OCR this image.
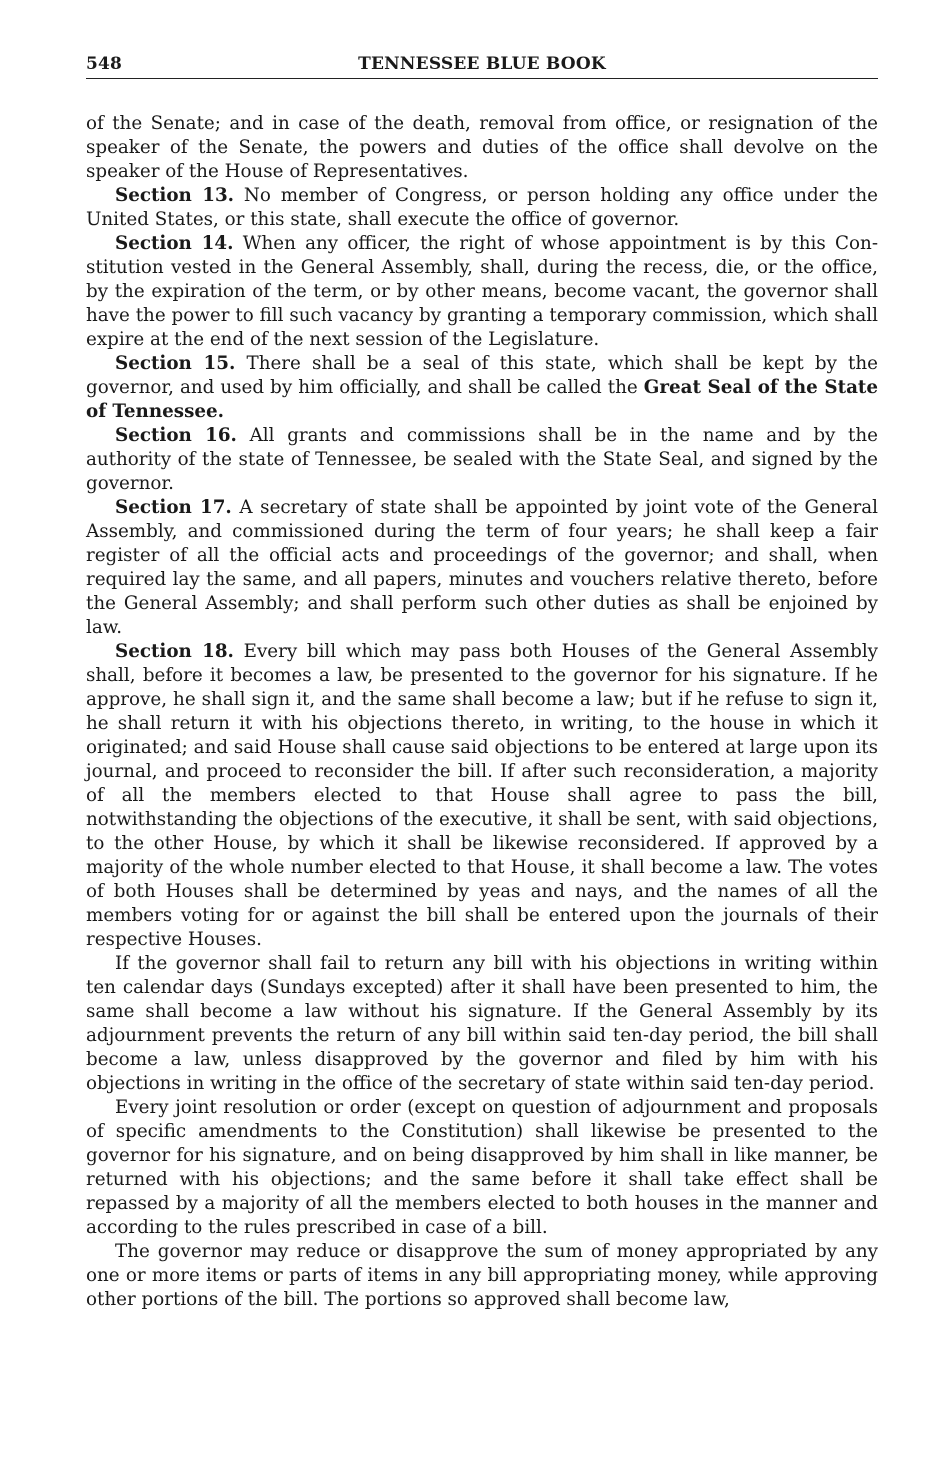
548	TENNESSEE BLUE BOOK

of the Senate; and in case of the death, removal from office, or resignation of the speaker of the Senate, the powers and duties of the office shall devolve on the speaker of the House of Representatives.

Section 13. No member of Congress, or person holding any office under the United States, or this state, shall execute the office of governor.

Section 14. When any officer, the right of whose appointment is by this Constitution vested in the General Assembly, shall, during the recess, die, or the office, by the expiration of the term, or by other means, become vacant, the governor shall have the power to fill such vacancy by granting a temporary commission, which shall expire at the end of the next session of the Legislature.

Section 15. There shall be a seal of this state, which shall be kept by the governor, and used by him officially, and shall be called the Great Seal of the State of Tennessee.

Section 16. All grants and commissions shall be in the name and by the authority of the state of Tennessee, be sealed with the State Seal, and signed by the governor.

Section 17. A secretary of state shall be appointed by joint vote of the General Assembly, and commissioned during the term of four years; he shall keep a fair register of all the official acts and proceedings of the governor; and shall, when required lay the same, and all papers, minutes and vouchers relative thereto, before the General Assembly; and shall perform such other duties as shall be enjoined by law.

Section 18. Every bill which may pass both Houses of the General Assembly shall, before it becomes a law, be presented to the governor for his signature. If he approve, he shall sign it, and the same shall become a law; but if he refuse to sign it, he shall return it with his objections thereto, in writing, to the house in which it originated; and said House shall cause said objections to be entered at large upon its journal, and proceed to reconsider the bill. If after such reconsideration, a majority of all the members elected to that House shall agree to pass the bill, notwithstanding the objections of the executive, it shall be sent, with said objections, to the other House, by which it shall be likewise reconsidered. If approved by a majority of the whole number elected to that House, it shall become a law. The votes of both Houses shall be determined by yeas and nays, and the names of all the members voting for or against the bill shall be entered upon the journals of their respective Houses.

If the governor shall fail to return any bill with his objections in writing within ten calendar days (Sundays excepted) after it shall have been presented to him, the same shall become a law without his signature. If the General Assembly by its adjournment prevents the return of any bill within said ten-day period, the bill shall become a law, unless disapproved by the governor and filed by him with his objections in writing in the office of the secretary of state within said ten-day period.

Every joint resolution or order (except on question of adjournment and proposals of specific amendments to the Constitution) shall likewise be presented to the governor for his signature, and on being disapproved by him shall in like manner, be returned with his objections; and the same before it shall take effect shall be repassed by a majority of all the members elected to both houses in the manner and according to the rules prescribed in case of a bill.

The governor may reduce or disapprove the sum of money appropriated by any one or more items or parts of items in any bill appropriating money, while approving other portions of the bill. The portions so approved shall become law,
